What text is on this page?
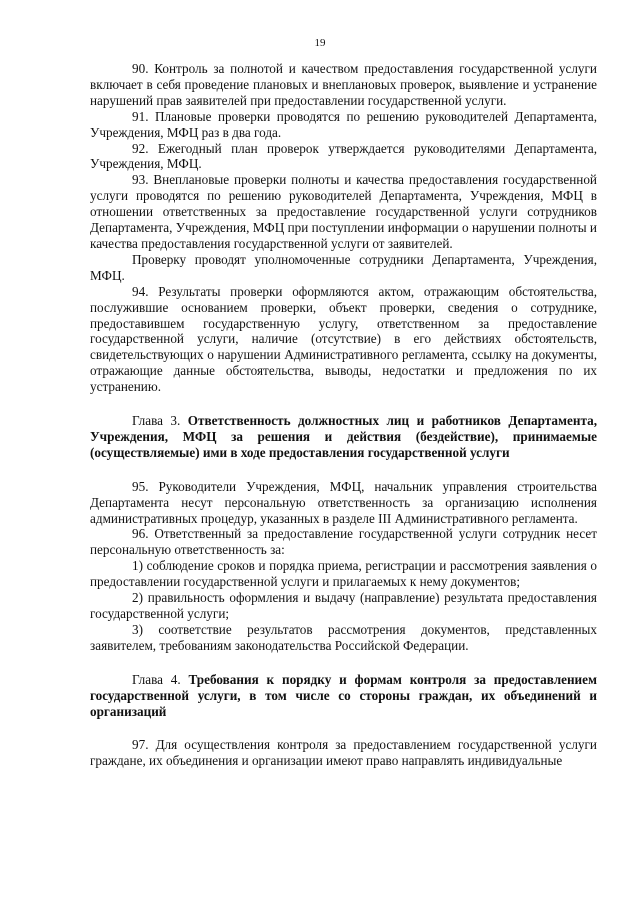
19

90. Контроль за полнотой и качеством предоставления государственной услуги включает в себя проведение плановых и внеплановых проверок, выявление и устранение нарушений прав заявителей при предоставлении государственной услуги.

91. Плановые проверки проводятся по решению руководителей Департамента, Учреждения, МФЦ раз в два года.

92. Ежегодный план проверок утверждается руководителями Департамента, Учреждения, МФЦ.

93. Внеплановые проверки полноты и качества предоставления государственной услуги проводятся по решению руководителей Департамента, Учреждения, МФЦ в отношении ответственных за предоставление государственной услуги сотрудников Департамента, Учреждения, МФЦ при поступлении информации о нарушении полноты и качества предоставления государственной услуги от заявителей.

Проверку проводят уполномоченные сотрудники Департамента, Учреждения, МФЦ.

94. Результаты проверки оформляются актом, отражающим обстоятельства, послужившие основанием проверки, объект проверки, сведения о сотруднике, предоставившем государственную услугу, ответственном за предоставление государственной услуги, наличие (отсутствие) в его действиях обстоятельств, свидетельствующих о нарушении Административного регламента, ссылку на документы, отражающие данные обстоятельства, выводы, недостатки и предложения по их устранению.

Глава 3. Ответственность должностных лиц и работников Департамента, Учреждения, МФЦ за решения и действия (бездействие), принимаемые (осуществляемые) ими в ходе предоставления государственной услуги

95. Руководители Учреждения, МФЦ, начальник управления строительства Департамента несут персональную ответственность за организацию исполнения административных процедур, указанных в разделе III Административного регламента.

96. Ответственный за предоставление государственной услуги сотрудник несет персональную ответственность за:

1) соблюдение сроков и порядка приема, регистрации и рассмотрения заявления о предоставлении государственной услуги и прилагаемых к нему документов;

2) правильность оформления и выдачу (направление) результата предоставления государственной услуги;

3) соответствие результатов рассмотрения документов, представленных заявителем, требованиям законодательства Российской Федерации.

Глава 4. Требования к порядку и формам контроля за предоставлением государственной услуги, в том числе со стороны граждан, их объединений и организаций

97. Для осуществления контроля за предоставлением государственной услуги граждане, их объединения и организации имеют право направлять индивидуальные
